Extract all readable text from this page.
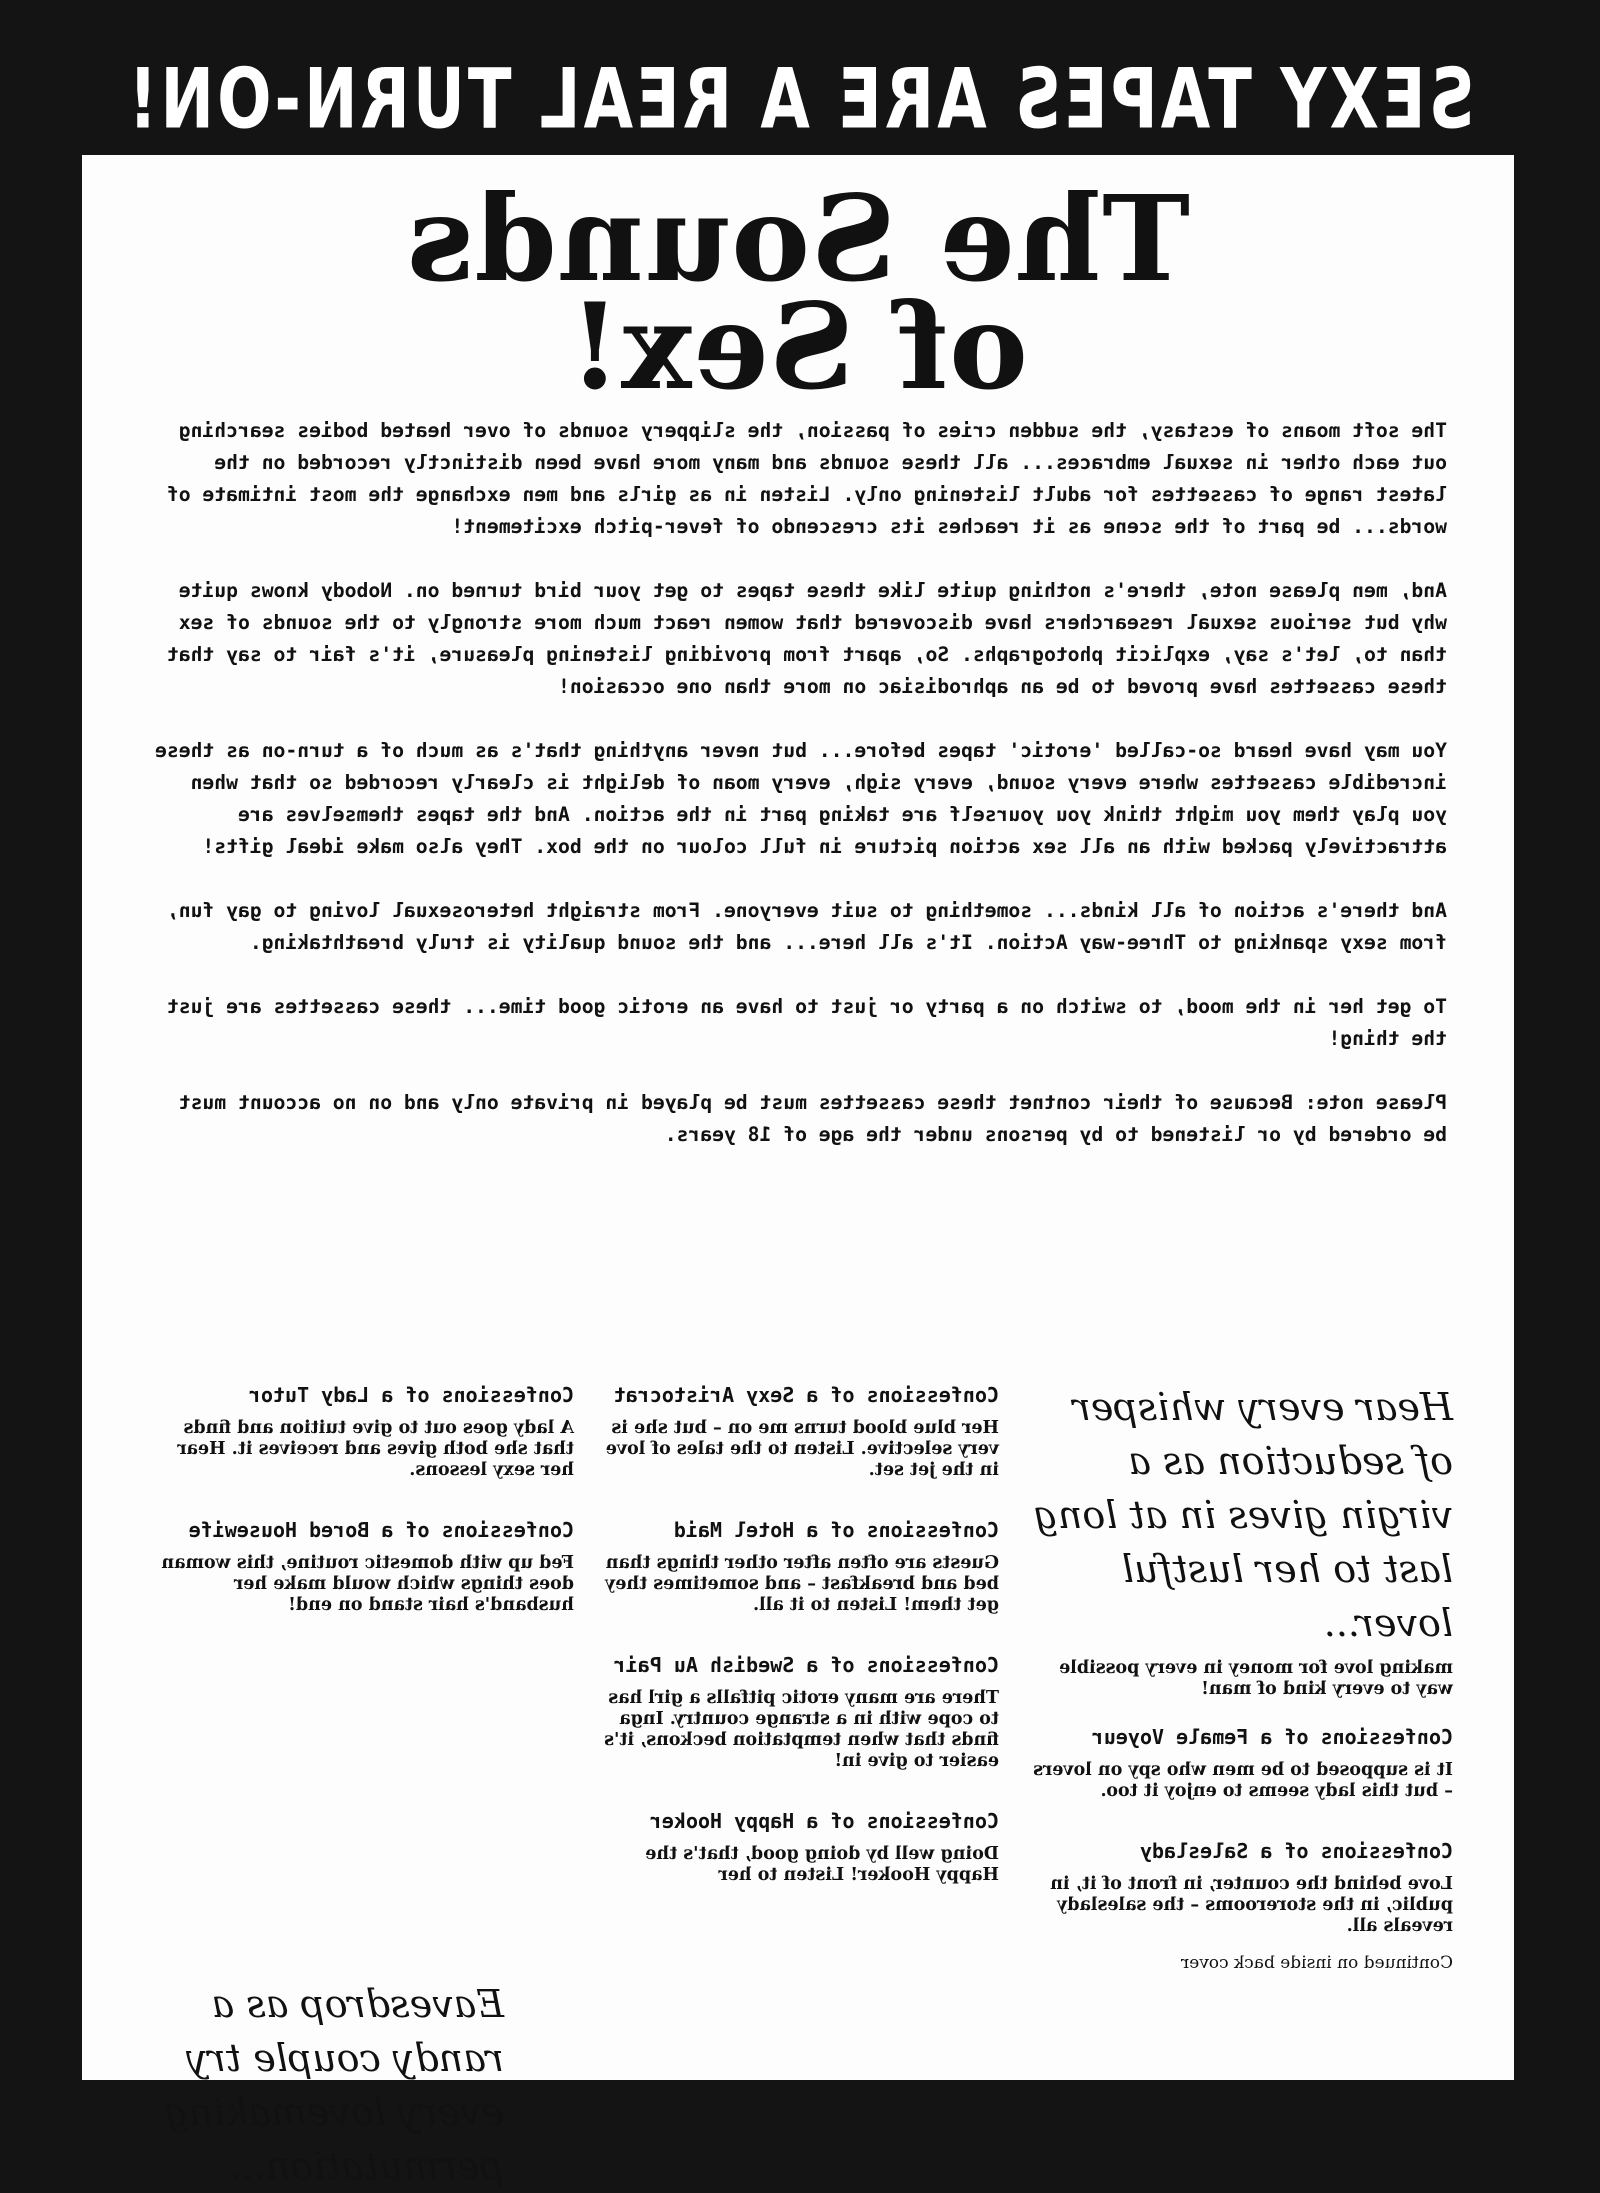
SEXY TAPES ARE A REAL TURN-ON!
The Sounds
of Sex!

The soft moans of ecstasy, the sudden cries of passion, the slippery sounds of over heated bodies searching out each other in sexual embraces... all these sounds and many more have been distinctly recorded on the latest range of cassettes for adult listening only. Listen in as girls and men exchange the most intimate of words... be part of the scene as it reaches its crescendo of fever-pitch excitement!

And, men please note, there's nothing quite like these tapes to get your bird turned on. Nobody knows quite why but serious sexual researchers have discovered that women react much more strongly to the sounds of sex than to, let's say, explicit photographs. So, apart from providing listening pleasure, it's fair to say that these cassettes have proved to be an aphrodisiac on more than one occasion!

You may have heard so-called 'erotic' tapes before... but never anything that's as much of a turn-on as these incredible cassettes where every sound, every sigh, every moan of delight is clearly recorded so that when you play them you might think you yourself are taking part in the action. And the tapes themselves are attractively packed with an all sex action picture in full colour on the box. They also make ideal gifts!

And there's action of all kinds... something to suit everyone. From straight heterosexual loving to gay fun, from sexy spanking to Three-way Action. It's all here... and the sound quality is truly breathtaking.

To get her in the mood, to switch on a party or just to have an erotic good time... these cassettes are just the thing!

Please note: Because of their contnet these cassettes must be played in private only and on no account must be ordered by or listened to by persons under the age of 18 years.

Hear every whisper of seduction as a virgin gives in at long last to her lustful lover...

making love for money in every possible way to every kind of man!

Confessions of a Female Voyeur

It is supposed to be men who spy on lovers – but this lady seems to enjoy it too.

Confessions of a Saleslady

Love behind the counter, in front of it, in public, in the storerooms – the saleslady reveals all.

Continued on inside back cover

Confessions of a Sexy Aristocrat

Her blue blood turns me on – but she is very selective. Listen to the tales of love in the jet set.

Confessions of a Hotel Maid

Guests are often after other things than bed and breakfast – and sometimes they get them! Listen to it all.

Confessions of a Swedish Au Pair

There are many erotic pitfalls a girl has to cope with in a strange country. Inga finds that when temptation beckons, it's easier to give in!

Confessions of a Happy Hooker

Doing well by doing good, that's the Happy Hooker! Listen to her

Confessions of a Lady Tutor

A lady goes out to give tuition and finds that she both gives and receives it. Hear her sexy lessons.

Confessions of a Bored Housewife

Fed up with domestic routine, this woman does things which would make her husband's hair stand on end!

Eavesdrop as a randy couple try every lovemaking permutation...
